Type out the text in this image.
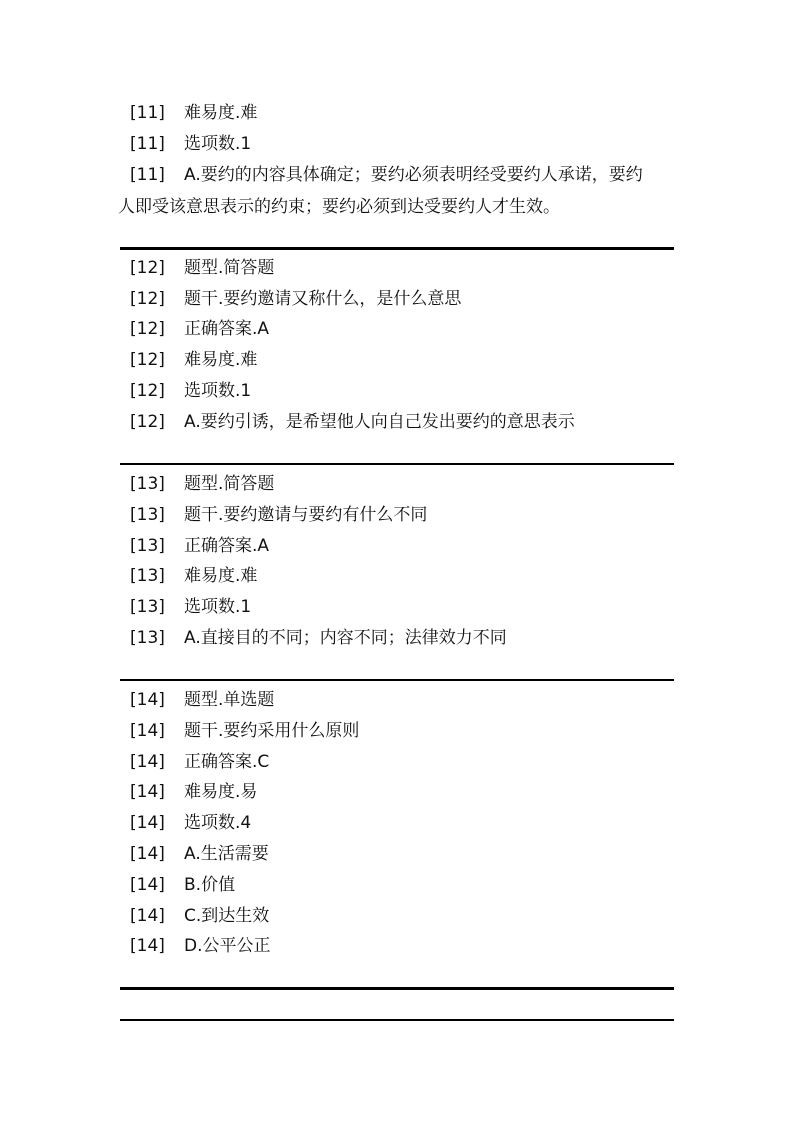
[11] 难易度.难
[11] 选项数.1
[11] A.要约的内容具体确定；要约必须表明经受要约人承诺，要约
人即受该意思表示的约束；要约必须到达受要约人才生效。
[12] 题型.简答题
[12] 题干.要约邀请又称什么，是什么意思
[12] 正确答案.A
[12] 难易度.难
[12] 选项数.1
[12] A.要约引诱，是希望他人向自己发出要约的意思表示
[13] 题型.简答题
[13] 题干.要约邀请与要约有什么不同
[13] 正确答案.A
[13] 难易度.难
[13] 选项数.1
[13] A.直接目的不同；内容不同；法律效力不同
[14] 题型.单选题
[14] 题干.要约采用什么原则
[14] 正确答案.C
[14] 难易度.易
[14] 选项数.4
[14] A.生活需要
[14] B.价值
[14] C.到达生效
[14] D.公平公正
